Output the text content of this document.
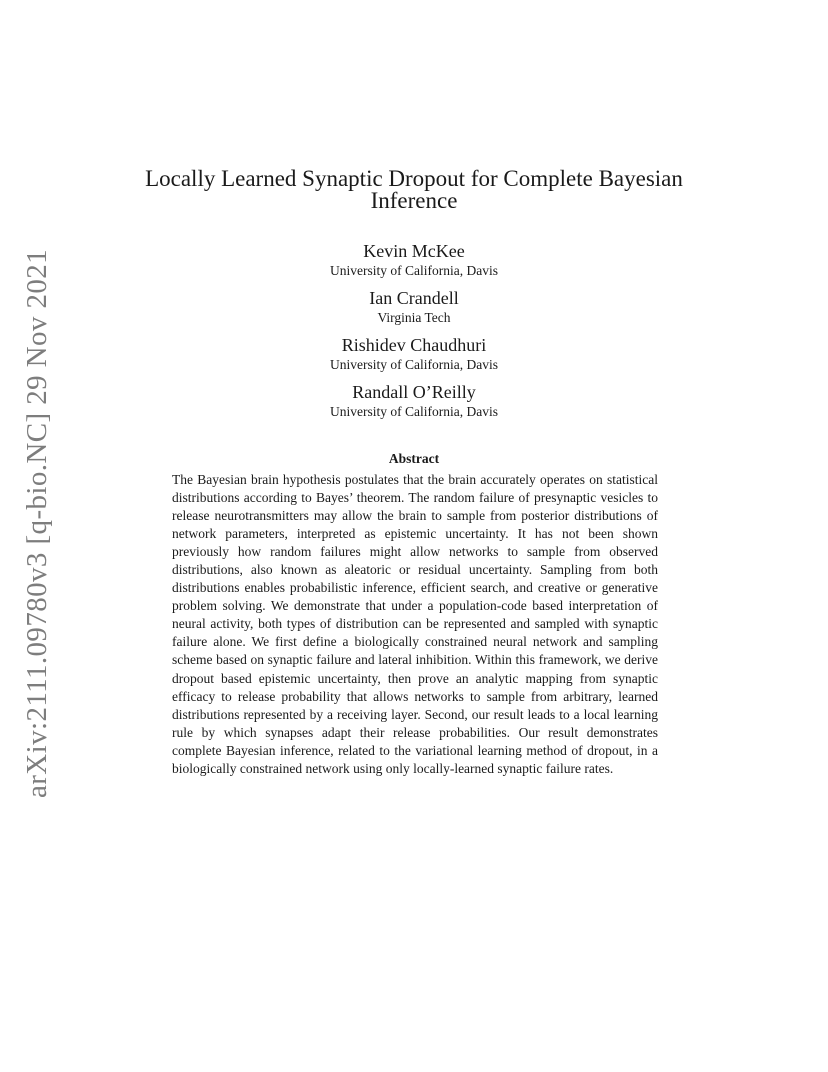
arXiv:2111.09780v3 [q-bio.NC] 29 Nov 2021
Locally Learned Synaptic Dropout for Complete Bayesian Inference
Kevin McKee
University of California, Davis
Ian Crandell
Virginia Tech
Rishidev Chaudhuri
University of California, Davis
Randall O’Reilly
University of California, Davis
Abstract

The Bayesian brain hypothesis postulates that the brain accurately operates on statistical distributions according to Bayes’ theorem. The random failure of presynaptic vesicles to release neurotransmitters may allow the brain to sample from posterior distributions of network parameters, interpreted as epistemic uncertainty. It has not been shown previously how random failures might allow networks to sample from observed distributions, also known as aleatoric or residual uncertainty. Sampling from both distributions enables probabilistic inference, efficient search, and creative or generative problem solving. We demonstrate that under a population-code based interpretation of neural activity, both types of distribution can be represented and sampled with synaptic failure alone. We first define a biologically constrained neural network and sampling scheme based on synaptic failure and lateral inhibition. Within this framework, we derive dropout based epistemic uncertainty, then prove an analytic mapping from synaptic efficacy to release probability that allows networks to sample from arbitrary, learned distributions represented by a receiving layer. Second, our result leads to a local learning rule by which synapses adapt their release probabilities. Our result demonstrates complete Bayesian inference, related to the variational learning method of dropout, in a biologically constrained network using only locally-learned synaptic failure rates.
